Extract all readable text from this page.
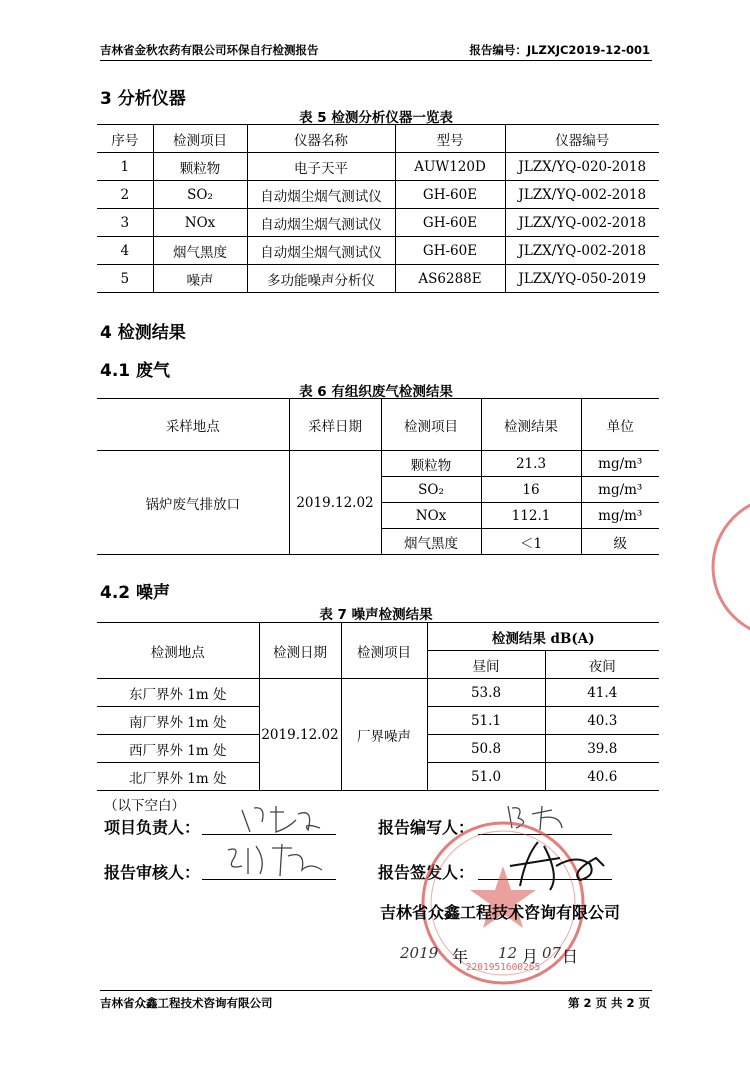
吉林省金秋农药有限公司环保自行检测报告	报告编号：JLZXJC2019-12-001
3 分析仪器
表 5 检测分析仪器一览表
序号	检测项目	仪器名称	型号	仪器编号
1	颗粒物	电子天平	AUW120D	JLZX/YQ-020-2018
2	SO₂	自动烟尘烟气测试仪	GH-60E	JLZX/YQ-002-2018
3	NOx	自动烟尘烟气测试仪	GH-60E	JLZX/YQ-002-2018
4	烟气黑度	自动烟尘烟气测试仪	GH-60E	JLZX/YQ-002-2018
5	噪声	多功能噪声分析仪	AS6288E	JLZX/YQ-050-2019
4 检测结果
4.1 废气
表 6 有组织废气检测结果
采样地点	采样日期	检测项目	检测结果	单位
锅炉废气排放口	2019.12.02	颗粒物	21.3	mg/m³
		SO₂	16	mg/m³
		NOx	112.1	mg/m³
		烟气黑度	＜1	级
4.2 噪声
表 7 噪声检测结果
检测地点	检测日期	检测项目	检测结果 dB(A)	
			昼间	夜间
东厂界外 1m 处	2019.12.02	厂界噪声	53.8	41.4
南厂界外 1m 处			51.1	40.3
西厂界外 1m 处			50.8	39.8
北厂界外 1m 处			51.0	40.6
（以下空白）
项目负责人：	报告编写人：
报告审核人：	报告签发人：
2201951600265
吉林省众鑫工程技术咨询有限公司
2019 年 12 月 07 日
吉林省众鑫工程技术咨询有限公司	第 2 页 共 2 页
